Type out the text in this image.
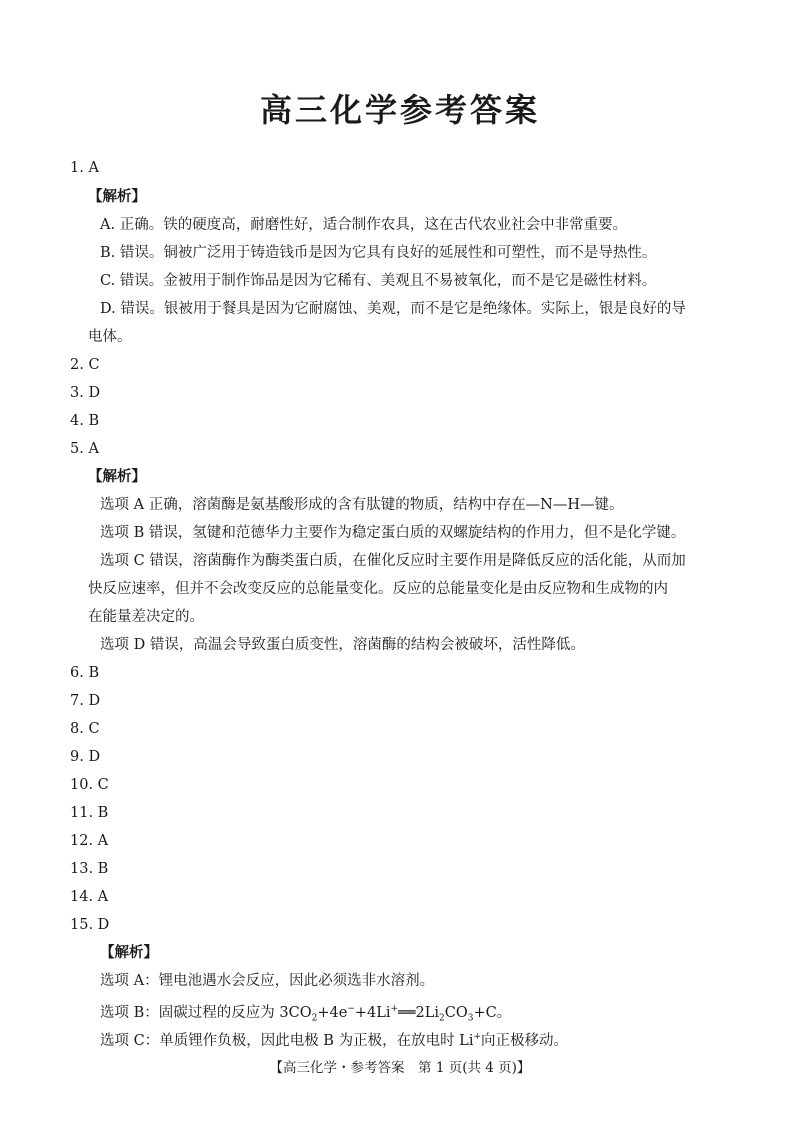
高三化学参考答案
1. A
【解析】
A. 正确。铁的硬度高，耐磨性好，适合制作农具，这在古代农业社会中非常重要。
B. 错误。铜被广泛用于铸造钱币是因为它具有良好的延展性和可塑性，而不是导热性。
C. 错误。金被用于制作饰品是因为它稀有、美观且不易被氧化，而不是它是磁性材料。
D. 错误。银被用于餐具是因为它耐腐蚀、美观，而不是它是绝缘体。实际上，银是良好的导
电体。
2. C
3. D
4. B
5. A
【解析】
选项 A 正确，溶菌酶是氨基酸形成的含有肽键的物质，结构中存在—N—H—键。
选项 B 错误，氢键和范德华力主要作为稳定蛋白质的双螺旋结构的作用力，但不是化学键。
选项 C 错误，溶菌酶作为酶类蛋白质，在催化反应时主要作用是降低反应的活化能，从而加
快反应速率，但并不会改变反应的总能量变化。反应的总能量变化是由反应物和生成物的内
在能量差决定的。
选项 D 错误，高温会导致蛋白质变性，溶菌酶的结构会被破坏，活性降低。
6. B
7. D
8. C
9. D
10. C
11. B
12. A
13. B
14. A
15. D
【解析】
选项 A：锂电池遇水会反应，因此必须选非水溶剂。
选项 B：固碳过程的反应为 $3CO_2+4e^-+4Li^+══2Li_2CO_3+C$。
选项 C：单质锂作负极，因此电极 B 为正极，在放电时 Li+向正极移动。
【高三化学・参考答案　第 1 页(共 4 页)】
